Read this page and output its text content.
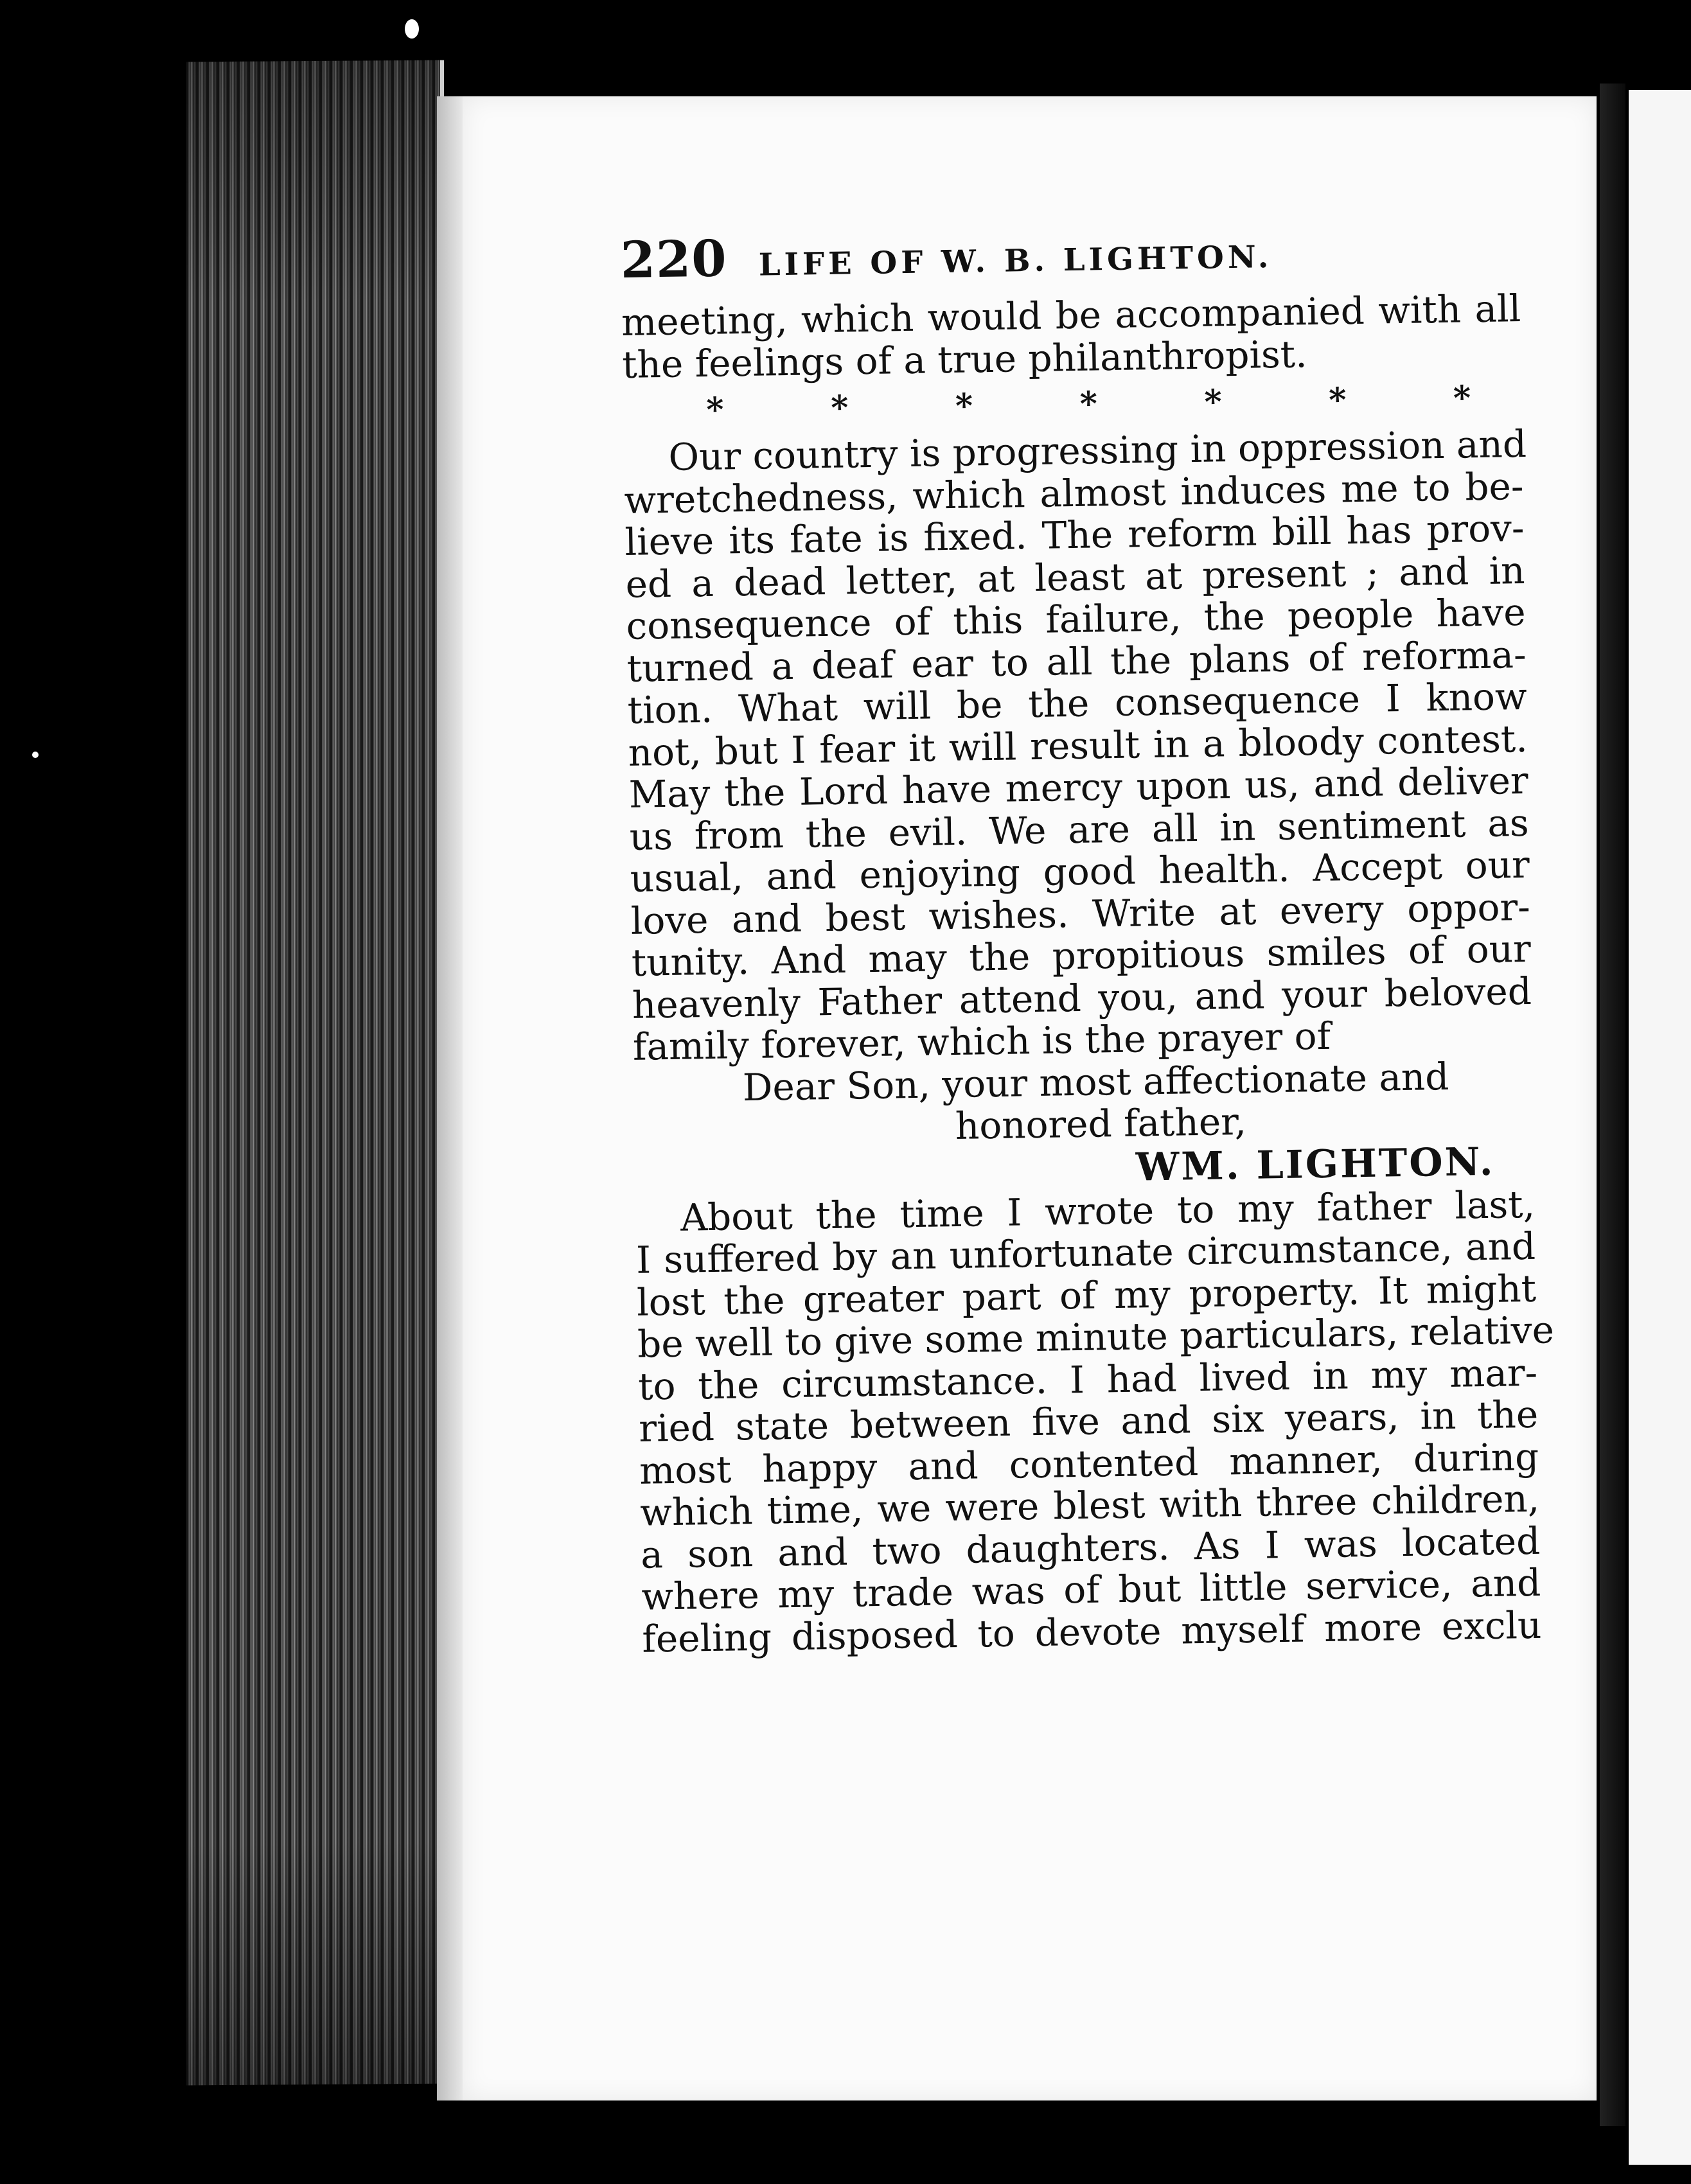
220	LIFE OF W. B. LIGHTON.
meeting, which would be accompanied with all
the feelings of a true philanthropist.
*	*	*	*	*	*	*
Our country is progressing in oppression and
wretchedness, which almost induces me to be-
lieve its fate is fixed. The reform bill has prov-
ed a dead letter, at least at present ; and in
consequence of this failure, the people have
turned a deaf ear to all the plans of reforma-
tion. What will be the consequence I know
not, but I fear it will result in a bloody contest.
May the Lord have mercy upon us, and deliver
us from the evil. We are all in sentiment as
usual, and enjoying good health. Accept our
love and best wishes. Write at every oppor-
tunity. And may the propitious smiles of our
heavenly Father attend you, and your beloved
family forever, which is the prayer of
Dear Son, your most affectionate and
honored father,
WM. LIGHTON.
About the time I wrote to my father last,
I suffered by an unfortunate circumstance, and
lost the greater part of my property. It might
be well to give some minute particulars, relative
to the circumstance. I had lived in my mar-
ried state between five and six years, in the
most happy and contented manner, during
which time, we were blest with three children,
a son and two daughters. As I was located
where my trade was of but little service, and
feeling disposed to devote myself more exclu
